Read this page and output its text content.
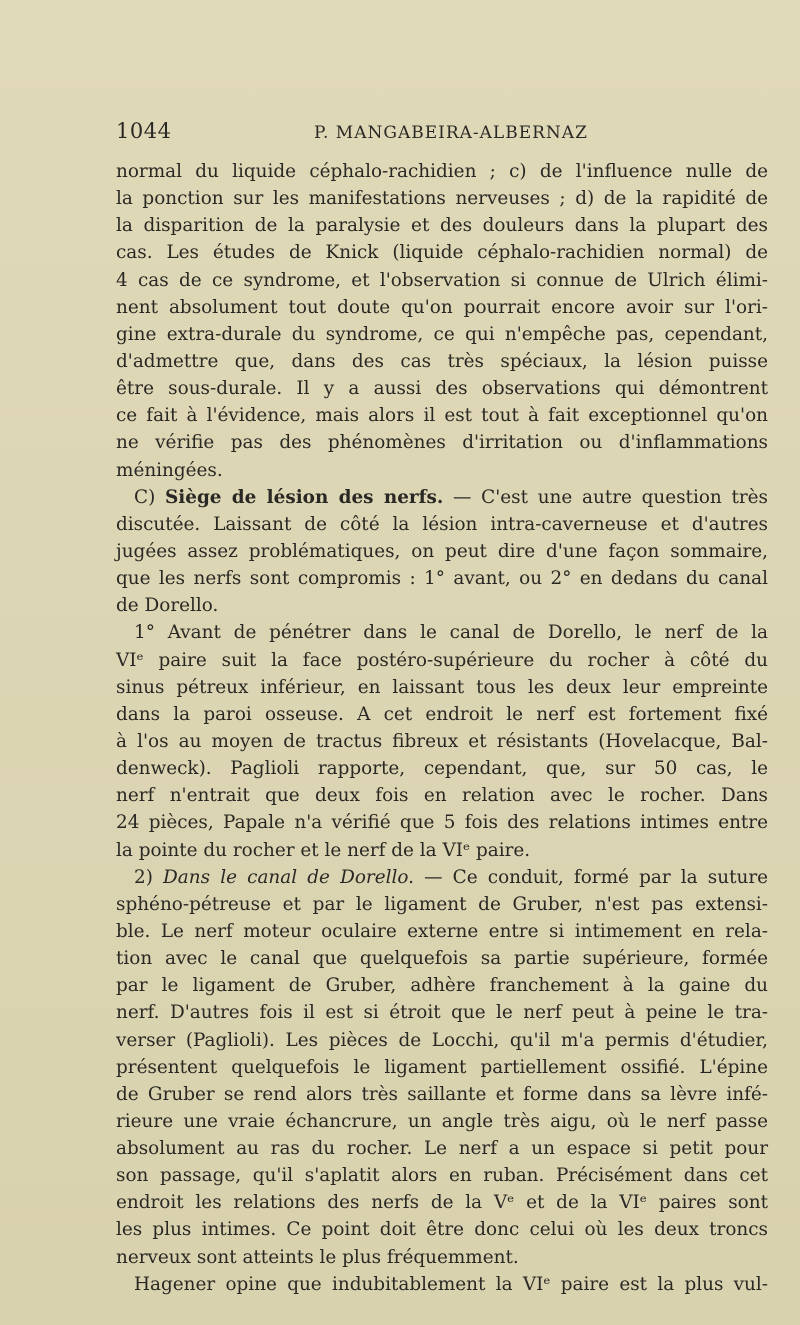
1044	P. MANGABEIRA-ALBERNAZ
normal du liquide céphalo-rachidien ; c) de l'influence nulle de
la ponction sur les manifestations nerveuses ; d) de la rapidité de
la disparition de la paralysie et des douleurs dans la plupart des
cas. Les études de Knick (liquide céphalo-rachidien normal) de
4 cas de ce syndrome, et l'observation si connue de Ulrich élimi-
nent absolument tout doute qu'on pourrait encore avoir sur l'ori-
gine extra-durale du syndrome, ce qui n'empêche pas, cependant,
d'admettre que, dans des cas très spéciaux, la lésion puisse
être sous-durale. Il y a aussi des observations qui démontrent
ce fait à l'évidence, mais alors il est tout à fait exceptionnel qu'on
ne vérifie pas des phénomènes d'irritation ou d'inflammations
méningées.
C) Siège de lésion des nerfs. — C'est une autre question très
discutée. Laissant de côté la lésion intra-caverneuse et d'autres
jugées assez problématiques, on peut dire d'une façon sommaire,
que les nerfs sont compromis : 1° avant, ou 2° en dedans du canal
de Dorello.
1° Avant de pénétrer dans le canal de Dorello, le nerf de la
VIᵉ paire suit la face postéro-supérieure du rocher à côté du
sinus pétreux inférieur, en laissant tous les deux leur empreinte
dans la paroi osseuse. A cet endroit le nerf est fortement fixé
à l'os au moyen de tractus fibreux et résistants (Hovelacque, Bal-
denweck). Paglioli rapporte, cependant, que, sur 50 cas, le
nerf n'entrait que deux fois en relation avec le rocher. Dans
24 pièces, Papale n'a vérifié que 5 fois des relations intimes entre
la pointe du rocher et le nerf de la VIᵉ paire.
2) Dans le canal de Dorello. — Ce conduit, formé par la suture
sphéno-pétreuse et par le ligament de Gruber, n'est pas extensi-
ble. Le nerf moteur oculaire externe entre si intimement en rela-
tion avec le canal que quelquefois sa partie supérieure, formée
par le ligament de Gruber, adhère franchement à la gaine du
nerf. D'autres fois il est si étroit que le nerf peut à peine le tra-
verser (Paglioli). Les pièces de Locchi, qu'il m'a permis d'étudier,
présentent quelquefois le ligament partiellement ossifié. L'épine
de Gruber se rend alors très saillante et forme dans sa lèvre infé-
rieure une vraie échancrure, un angle très aigu, où le nerf passe
absolument au ras du rocher. Le nerf a un espace si petit pour
son passage, qu'il s'aplatit alors en ruban. Précisément dans cet
endroit les relations des nerfs de la Vᵉ et de la VIᵉ paires sont
les plus intimes. Ce point doit être donc celui où les deux troncs
nerveux sont atteints le plus fréquemment.
Hagener opine que indubitablement la VIᵉ paire est la plus vul-
